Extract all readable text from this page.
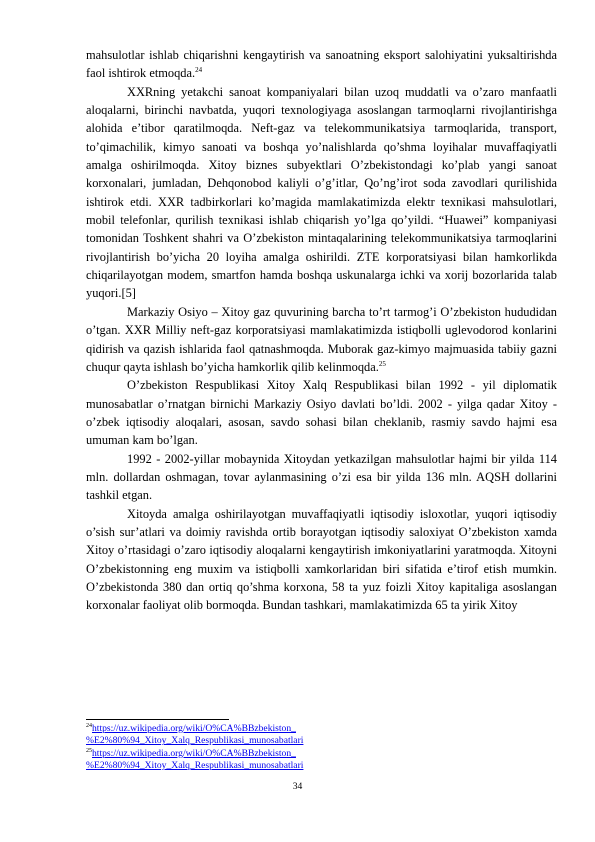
mahsulotlar ishlab chiqarishni kengaytirish va sanoatning eksport salohiyatini yuksaltirishda faol ishtirok etmoqda.$^{24}$

XXRning yetakchi sanoat kompaniyalari bilan uzoq muddatli va o’zaro manfaatli aloqalarni, birinchi navbatda, yuqori texnologiyaga asoslangan tarmoqlarni rivojlantirishga alohida e’tibor qaratilmoqda. Neft-gaz va telekommunikatsiya tarmoqlarida, transport, to’qimachilik, kimyo sanoati va boshqa yo’nalishlarda qo’shma loyihalar muvaffaqiyatli amalga oshirilmoqda. Xitoy biznes subyektlari O’zbekistondagi ko’plab yangi sanoat korxonalari, jumladan, Dehqonobod kaliyli o’g’itlar, Qo’ng’irot soda zavodlari qurilishida ishtirok etdi. XXR tadbirkorlari ko’magida mamlakatimizda elektr texnikasi mahsulotlari, mobil telefonlar, qurilish texnikasi ishlab chiqarish yo’lga qo’yildi. “Huawei” kompaniyasi tomonidan Toshkent shahri va O’zbekiston mintaqalarining telekommunikatsiya tarmoqlarini rivojlantirish bo’yicha 20 loyiha amalga oshirildi. ZTE korporatsiyasi bilan hamkorlikda chiqarilayotgan modem, smartfon hamda boshqa uskunalarga ichki va xorij bozorlarida talab yuqori.[5]

Markaziy Osiyo – Xitoy gaz quvurining barcha to’rt tarmog’i O’zbekiston hududidan o’tgan. XXR Milliy neft-gaz korporatsiyasi mamlakatimizda istiqbolli uglevodorod konlarini qidirish va qazish ishlarida faol qatnashmoqda. Muborak gaz-kimyo majmuasida tabiiy gazni chuqur qayta ishlash bo’yicha hamkorlik qilib kelinmoqda.$^{25}$

O’zbekiston Respublikasi Xitoy Xalq Respublikasi bilan 1992 - yil diplomatik munosabatlar o’rnatgan birnichi Markaziy Osiyo davlati bo’ldi. 2002 - yilga qadar Xitoy - o’zbek iqtisodiy aloqalari, asosan, savdo sohasi bilan cheklanib, rasmiy savdo hajmi esa umuman kam bo’lgan.

1992 - 2002-yillar mobaynida Xitoydan yetkazilgan mahsulotlar hajmi bir yilda 114 mln. dollardan oshmagan, tovar aylanmasining o’zi esa bir yilda 136 mln. AQSH dollarini tashkil etgan.

Xitoyda amalga oshirilayotgan muvaffaqiyatli iqtisodiy isloxotlar, yuqori iqtisodiy o’sish sur’atlari va doimiy ravishda ortib borayotgan iqtisodiy saloxiyat O’zbekiston xamda Xitoy o’rtasidagi o’zaro iqtisodiy aloqalarni kengaytirish imkoniyatlarini yaratmoqda. Xitoyni O’zbekistonning eng muxim va istiqbolli xamkorlaridan biri sifatida e’tirof etish mumkin. O’zbekistonda 380 dan ortiq qo’shma korxona, 58 ta yuz foizli Xitoy kapitaliga asoslangan korxonalar faoliyat olib bormoqda. Bundan tashkari, mamlakatimizda 65 ta yirik Xitoy

$^{24}$https://uz.wikipedia.org/wiki/O%CA%BBzbekiston_
%E2%80%94_Xitoy_Xalq_Respublikasi_munosabatlari
$^{25}$https://uz.wikipedia.org/wiki/O%CA%BBzbekiston_
%E2%80%94_Xitoy_Xalq_Respublikasi_munosabatlari
34
